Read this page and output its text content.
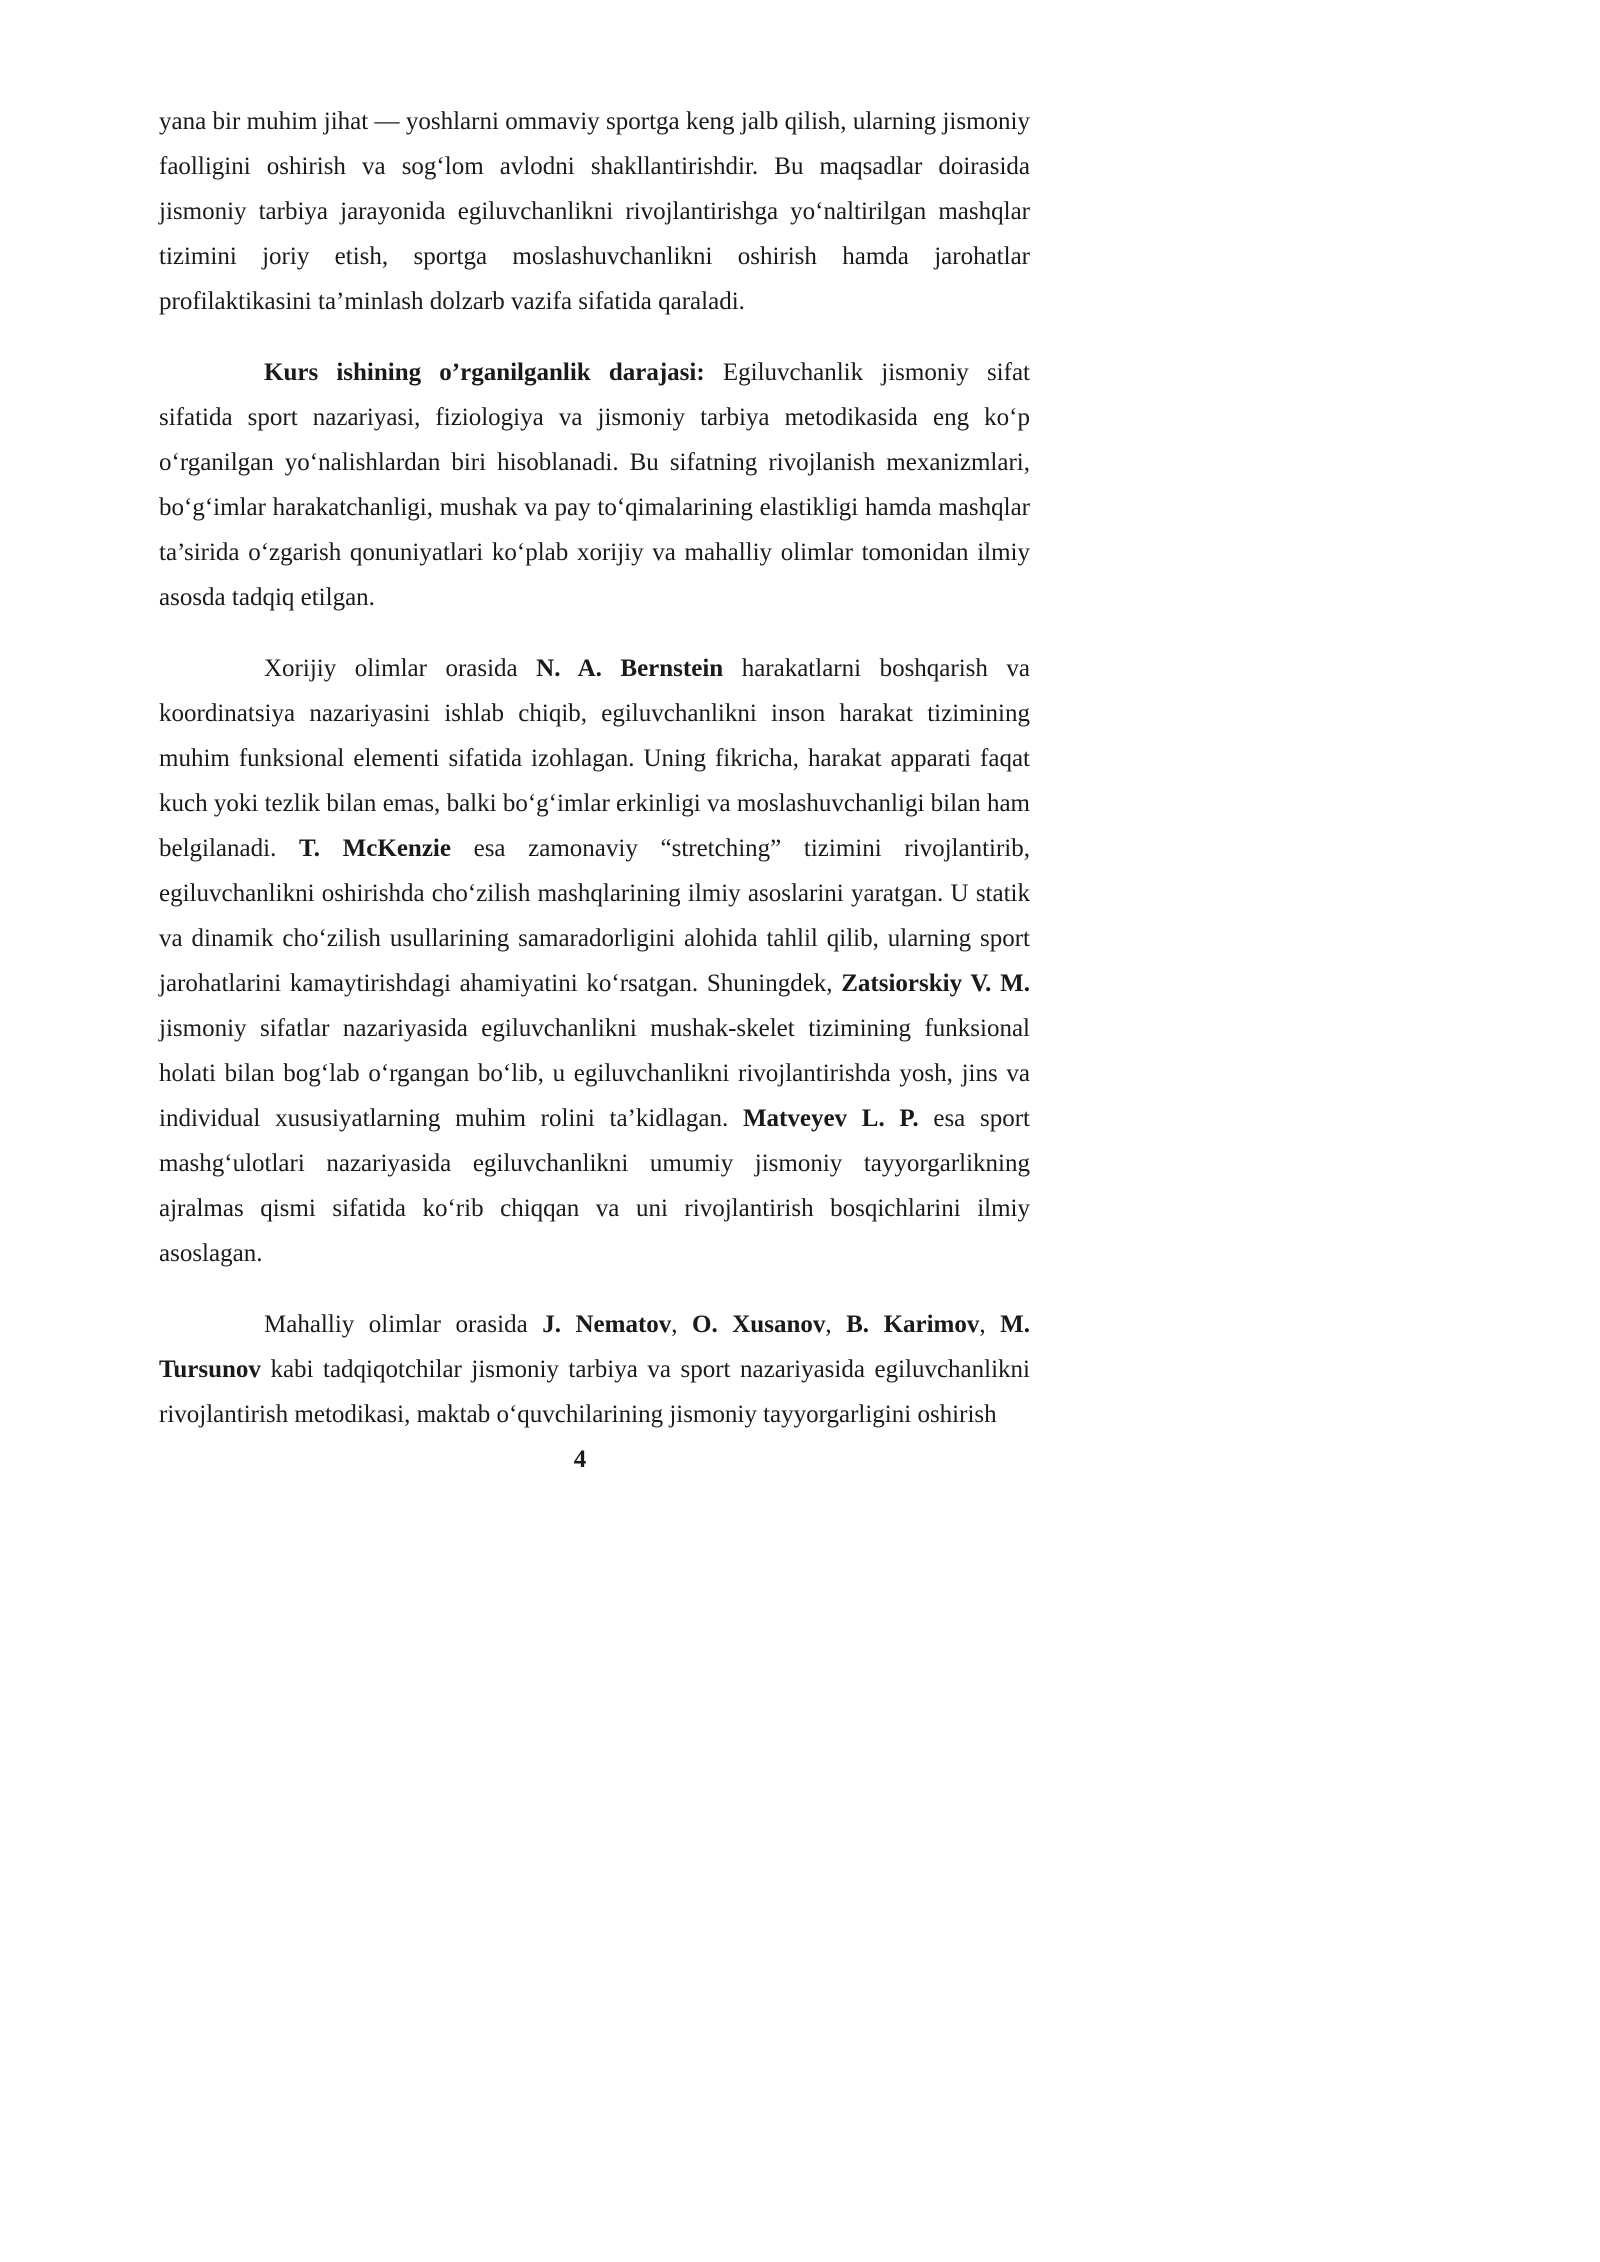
yana bir muhim jihat — yoshlarni ommaviy sportga keng jalb qilish, ularning jismoniy faolligini oshirish va sog‘lom avlodni shakllantirishdir. Bu maqsadlar doirasida jismoniy tarbiya jarayonida egiluvchanlikni rivojlantirishga yo‘naltirilgan mashqlar tizimini joriy etish, sportga moslashuvchanlikni oshirish hamda jarohatlar profilaktikasini ta’minlash dolzarb vazifa sifatida qaraladi.

Kurs ishining o’rganilganlik darajasi: Egiluvchanlik jismoniy sifat sifatida sport nazariyasi, fiziologiya va jismoniy tarbiya metodikasida eng ko‘p o‘rganilgan yo‘nalishlardan biri hisoblanadi. Bu sifatning rivojlanish mexanizmlari, bo‘g‘imlar harakatchanligi, mushak va pay to‘qimalarining elastikligi hamda mashqlar ta’sirida o‘zgarish qonuniyatlari ko‘plab xorijiy va mahalliy olimlar tomonidan ilmiy asosda tadqiq etilgan.

Xorijiy olimlar orasida N. A. Bernstein harakatlarni boshqarish va koordinatsiya nazariyasini ishlab chiqib, egiluvchanlikni inson harakat tizimining muhim funksional elementi sifatida izohlagan. Uning fikricha, harakat apparati faqat kuch yoki tezlik bilan emas, balki bo‘g‘imlar erkinligi va moslashuvchanligi bilan ham belgilanadi. T. McKenzie esa zamonaviy “stretching” tizimini rivojlantirib, egiluvchanlikni oshirishda cho‘zilish mashqlarining ilmiy asoslarini yaratgan. U statik va dinamik cho‘zilish usullarining samaradorligini alohida tahlil qilib, ularning sport jarohatlarini kamaytirishdagi ahamiyatini ko‘rsatgan. Shuningdek, Zatsiorskiy V. M. jismoniy sifatlar nazariyasida egiluvchanlikni mushak-skelet tizimining funksional holati bilan bog‘lab o‘rgangan bo‘lib, u egiluvchanlikni rivojlantirishda yosh, jins va individual xususiyatlarning muhim rolini ta’kidlagan. Matveyev L. P. esa sport mashg‘ulotlari nazariyasida egiluvchanlikni umumiy jismoniy tayyorgarlikning ajralmas qismi sifatida ko‘rib chiqqan va uni rivojlantirish bosqichlarini ilmiy asoslagan.

Mahalliy olimlar orasida J. Nematov, O. Xusanov, B. Karimov, M. Tursunov kabi tadqiqotchilar jismoniy tarbiya va sport nazariyasida egiluvchanlikni rivojlantirish metodikasi, maktab o‘quvchilarining jismoniy tayyorgarligini oshirish

4
